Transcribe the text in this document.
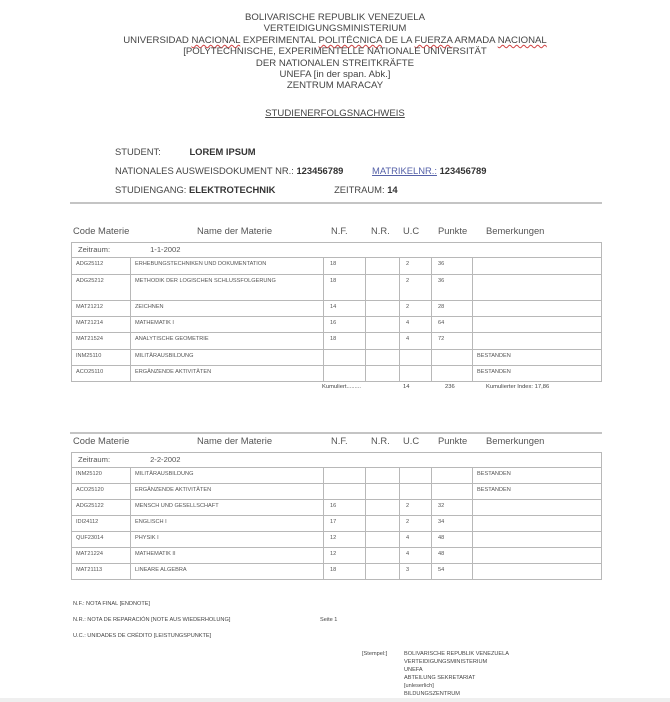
BOLIVARISCHE REPUBLIK VENEZUELA
VERTEIDIGUNGSMINISTERIUM
UNIVERSIDAD NACIONAL EXPERIMENTAL POLITÉCNICA DE LA FUERZA ARMADA NACIONAL
[POLYTECHNISCHE, EXPERIMENTELLE NATIONALE UNIVERSITÄT
DER NATIONALEN STREITKRÄFTE
UNEFA [in der span. Abk.]
ZENTRUM MARACAY
STUDIENERFOLGSNACHWEIS
STUDENT:	LOREM IPSUM
NATIONALES AUSWEISDOKUMENT NR.: 123456789	MATRIKELNR.: 123456789
STUDIENGANG: ELEKTROTECHNIK	ZEITRAUM: 14
Code Materie	Name der Materie	N.F. N.R. U.C Punkte Bemerkungen
Zeitraum: 1-1-2002						
ADG25112	ERHEBUNGSTECHNIKEN UND DOKUMENTATION	18		2	36	
ADG25212	METHODIK DER LOGISCHEN SCHLUSSFOLGERUNG	18		2	36	
MAT21212	ZEICHNEN	14		2	28	
MAT21214	MATHEMATIK I	16		4	64	
MAT21524	ANALYTISCHE GEOMETRIE	18		4	72	
INM25110	MILITÄRAUSBILDUNG					BESTANDEN
ACO25110	ERGÄNZENDE AKTIVITÄTEN					BESTANDEN
Kumuliert.........	14	236	Kumulierter Index: 17,86
Code Materie	Name der Materie	N.F. N.R. U.C Punkte Bemerkungen
Zeitraum: 2-2-2002						
INM25120	MILITÄRAUSBILDUNG					BESTANDEN
ACO25120	ERGÄNZENDE AKTIVITÄTEN					BESTANDEN
ADG25122	MENSCH UND GESELLSCHAFT	16		2	32	
IDI24112	ENGLISCH I	17		2	34	
QUF23014	PHYSIK I	12		4	48	
MAT21224	MATHEMATIK II	12		4	48	
MAT21113	LINEARE ALGEBRA	18		3	54	
N.F.: NOTA FINAL [ENDNOTE]
N.R.: NOTA DE REPARACIÓN [NOTE AUS WIEDERHOLUNG]	Seite 1
U.C.: UNIDADES DE CRÉDITO [LEISTUNGSPUNKTE]
[Stempel:]	BOLIVARISCHE REPUBLIK VENEZUELA
VERTEIDIGUNGSMINISTERIUM
UNEFA
ABTEILUNG SEKRETARIAT
[unleserlich]
BILDUNGSZENTRUM
